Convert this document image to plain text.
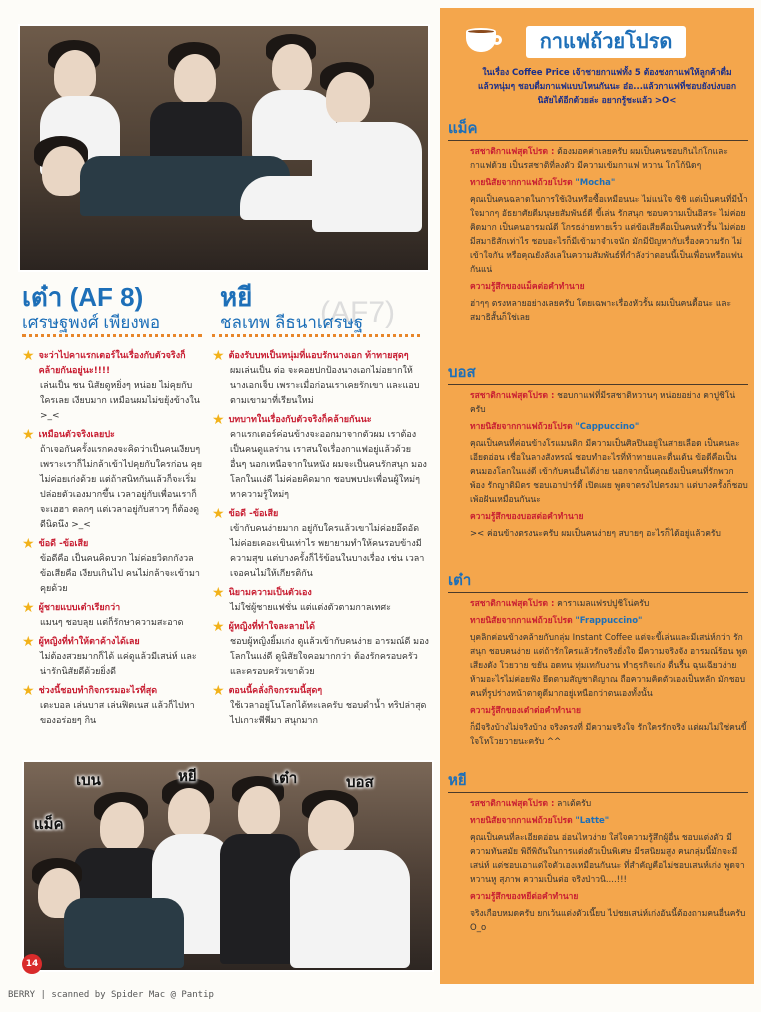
เต๋า (AF 8)
เศรษฐพงศ์ เพียงพอ	(AF7)
หยี
ชลเทพ ลีธนาเศรษฐ
★ จะว่าไปคาแรกเตอร์ในเรื่องกับตัวจริงก็คล้ายกันอยู่นะ!!!!
เล่นเป็น ชน นิสัยดูหยิ่งๆ หน่อย ไม่คุยกับใครเลย เงียบมาก เหมือนผมไม่ขยุ้งข้างใน >_<
★ เหมือนตัวจริงเลยปะ
ถ้าเจอกันครั้งแรกคงจะคิดว่าเป็นคนเงียบๆ เพราะเราก็ไม่กล้าเข้าไปคุยกับใครก่อน คุยไม่ค่อยเก่งด้วย แต่ถ้าสนิทกันแล้วก็จะเริ่มปล่อยตัวเองมากขึ้น เวลาอยู่กับเพื่อนเราก็จะเฮฮา ตลกๆ แต่เวลาอยู่กับสาวๆ ก็ต้องดูดีนิดนึง >_<
★ ข้อดี -ข้อเสีย
ข้อดีคือ เป็นคนคิดบวก ไม่ค่อยวิตกกังวล ข้อเสียคือ เงียบเกินไป คนไม่กล้าจะเข้ามาคุยด้วย
★ ผู้ชายแบบเต๋าเรียกว่า
แมนๆ ชอบลุย แต่ก็รักษาความสะอาด
★ ผู้หญิงที่ทำให้ตาค้างได้เลย
ไม่ต้องสวยมากก็ได้ แค่ดูแล้วมีเสน่ห์ และน่ารักนิสัยดีด้วยยิ่งดี
★ ช่วงนี้ชอบทำกิจกรรมอะไรที่สุด
เตะบอล เล่นบาส เล่นฟิตเนส แล้วก็ไปหาของอร่อยๆ กิน
★ ต้องรับบทเป็นหนุ่มที่แอบรักนางเอก ท้าทายสุดๆ
ผมเล่นเป็น ต่อ จะคอยปกป้องนางเอกไม่อยากให้นางเอกเจ็บ เพราะเมื่อก่อนเราเคยรักเขา และแอบตามเขามาที่เรียนใหม่
★ บทบาทในเรื่องกับตัวจริงก็คล้ายกันนะ
คาแรกเตอร์ค่อนข้างจะออกมาจากตัวผม เราต้องเป็นคนดูแลร่าน เราสนใจเรื่องกาแฟอยู่แล้วด้วย อื่นๆ นอกเหนือจากในหนัง ผมจะเป็นคนรักสนุก มองโลกในแง่ดี ไม่ค่อยคิดมาก ชอบพบปะเพื่อนผู้ใหม่ๆ หาความรู้ใหม่ๆ
★ ข้อดี -ข้อเสีย
เข้ากับคนง่ายมาก อยู่กับใครแล้วเขาไม่ค่อยอึดอัด ไม่ค่อยเคอะเขินเท่าไร พยายามทำให้คนรอบข้างมีความสุข แต่บางครั้งก็ไร้ข้อนในบางเรื่อง เช่น เวลาเจอคนไม่ให้เกียรติกัน
★ นิยามความเป็นตัวเอง
ไม่ใช่ผู้ชายแฟชั่น แต่แต่งตัวตามกาลเทศะ
★ ผู้หญิงที่ทำใจละลายได้
ชอบผู้หญิงยิ้มเก่ง ดูแล้วเข้ากับคนง่าย อารมณ์ดี มองโลกในแง่ดี ดูนิสัยใจคอมากกว่า ต้องรักครอบครัวและครอบครัวเขาด้วย
★ ตอนนี้คลั่งกิจกรรมนี้สุดๆ
ใช้เวลาอยู่โนโลกได้ทะเลครับ ชอบดำน้ำ ทริปล่าสุดไปเกาะพีพีมา สนุกมาก
เบน	หยี	เต๋า	บอส
แม็ค
14
กาแฟถ้วยโปรด
ในเรื่อง Coffee Price เจ้าชายกาแฟทั้ง 5 ต้องชงกาแฟให้ลูกค้าดื่ม แล้วหนุ่มๆ ชอบดื่มกาแฟแบบไหนกันนะ อ๋อ...แล้วกาแฟที่ชอบยังบ่งบอกนิสัยได้อีกด้วยล่ะ อยากรู้ชะแล้ว >O<
แม็ค
รสชาติกาแฟสุดโปรด : ต้องมอคค่าเลยครับ ผมเป็นคนชอบกินไก่โกและกาแฟด้วย เป็นรสชาติที่ลงตัว มีความเข้มกาแฟ หวาน โกโก้นิดๆ
ทายนิสัยจากกาแฟถ้วยโปรด "Mocha"
คุณเป็นคนฉลาดในการใช้เงินหรือซื้อเหมือนนะ ไม่แน่ใจ ซิชิ แต่เป็นคนที่มีน้ำใจมากๆ อัธยาศัยดีมนุษยสัมพันธ์ดี ขี้เล่น รักสนุก ชอบความเป็นอิสระ ไม่ค่อยคิดมาก เป็นคนอารมณ์ดี โกรธง่ายหายเร็ว แต่ข้อเสียคือเป็นคนหัวรั้น ไม่ค่อยมีสมาธิสักเท่าไร ชอบอะไรก็มีเข้ามาจำเจนัก มักมีปัญหากับเรื่องความรัก ไม่เข้าใจกัน หรือคุณยังลังเลในความสัมพันธ์ที่กำลังว่าตอนนี้เป็นเพื่อนหรือแฟนกันแน่
ความรู้สึกของแม็คต่อคำทำนาย
ฮ่าๆๆ ตรงหลายอย่างเลยครับ โดยเฉพาะเรื่องหัวรั้น ผมเป็นคนดื้อนะ และสมาธิสั้นก็ใช่เลย
บอส
รสชาติกาแฟสุดโปรด : ชอบกาแฟที่มีรสชาติหวานๆ หน่อยอย่าง คาปูชิโน่ ครับ
ทายนิสัยจากกาแฟถ้วยโปรด "Cappuccino"
คุณเป็นคนที่ค่อนข้างโรแมนติก มีความเป็นศิลปินอยู่ในสายเลือด เป็นคนละเอียดอ่อน เชื่อในลางสังหรณ์ ชอบทำอะไรที่ท้าทายและตื่นเต้น ข้อดีคือเป็นคนมองโลกในแง่ดี เข้ากับคนอื่นได้ง่าย นอกจากนั้นคุณยังเป็นคนที่รักพวกพ้อง รักญาติมิตร ชอบเอาปาร์ตี้ เปิดเผย พูดจาตรงไปตรงมา แต่บางครั้งก็ชอบเพ้อฝันเหมือนกันนะ
ความรู้สึกของบอสต่อคำทำนาย
>< ค่อนข้างตรงนะครับ ผมเป็นคนง่ายๆ สบายๆ อะไรก็ได้อยู่แล้วครับ
เต๋า
รสชาติกาแฟสุดโปรด : คาราเมลแฟรปปูชิโน่ครับ
ทายนิสัยจากกาแฟถ้วยโปรด "Frappuccino"
บุคลิกค่อนข้างคล้ายกับกลุ่ม Instant Coffee แต่จะขี้เล่นและมีเสน่ห์กว่า รักสนุก ชอบคนง่าย แต่ถ้ารักใครแล้วรักจริงยั่งใจ มีความจริงจัง อารมณ์ร้อน พูดเสียงดัง โวยวาย ขยัน อดทน ทุ่มเทกับงาน ทำธุรกิจเก่ง ตื่นรื้น ฉุนเฉียวง่าย ห้ามอะไรไม่ค่อยฟัง ยึดตามสัญชาติญาณ ถือความคิดตัวเองเป็นหลัก มักชอบคนที่รูปร่างหน้าตาดูดีมากอยู่เหนือกว่าตนเองทั้งนั้น
ความรู้สึกของเต๋าต่อคำทำนาย
ก็มีจริงบ้างไม่จริงบ้าง จริงตรงที่ มีความจริงใจ รักใครรักจริง แต่ผมไม่ใช่คนขี้ใจโหโวยวายนะครับ ^^
หยี
รสชาติกาแฟสุดโปรด : ลาเต้ครับ
ทายนิสัยจากกาแฟถ้วยโปรด "Latte"
คุณเป็นคนที่ละเอียดอ่อน อ่อนไหวง่าย ใส่ใจความรู้สึกผู้อื่น ชอบแต่งตัว มีความทันสมัย พิถีพิถันในการแต่งตัวเป็นพิเศษ มีรสนิยมสูง คนกลุ่มนี้มักจะมีเสน่ห์ แต่ชอบเอาแต่ใจตัวเองเหมือนกันนะ ที่สำคัญคือไม่ชอบเสนห์เก่ง พูดจาหวานหู สุภาพ ความเป็นต่อ จริงป่าวนิ....!!!
ความรู้สึกของหยีต่อคำทำนาย
จริงเกือบหมดครับ ยกเว้นแต่งตัวเนี๊ยบ ไปชยเสน่ห์เก่งอันนี้ต้องถามคนอื่นครับ O_o
BERRY | scanned by Spider Mac @ Pantip
